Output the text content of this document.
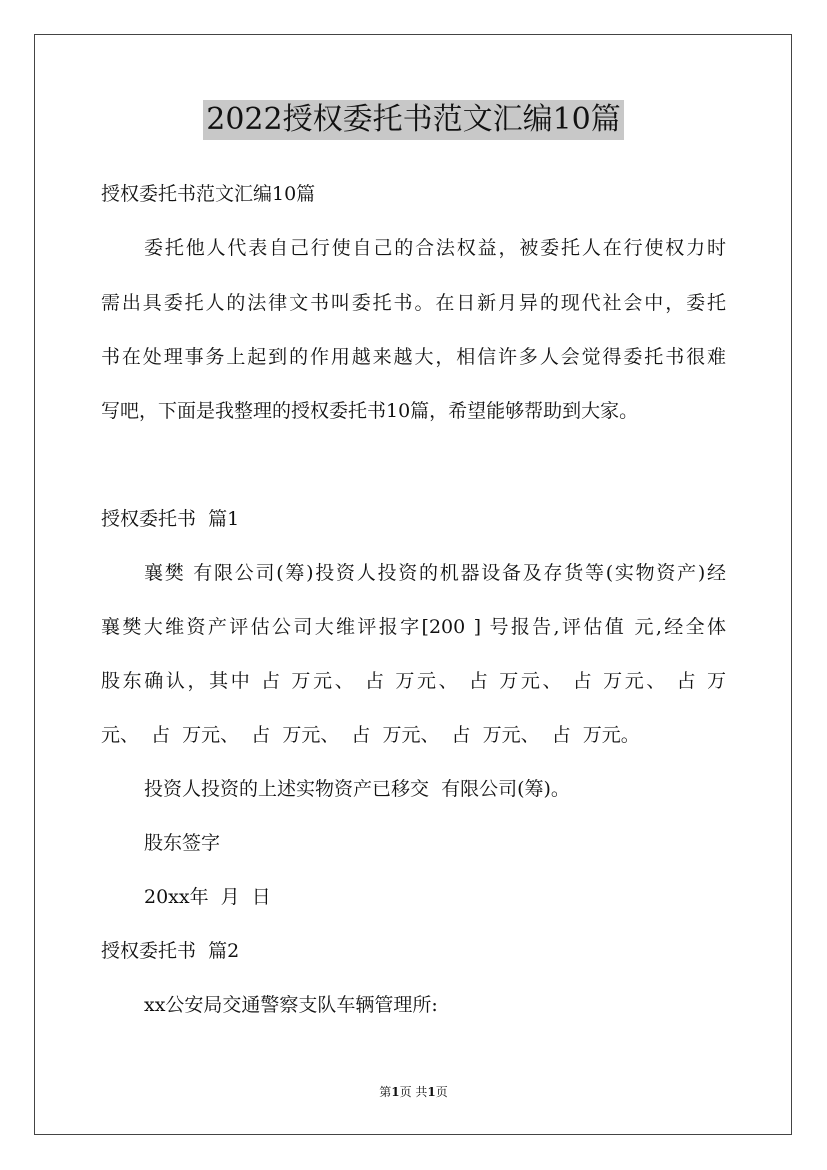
2022授权委托书范文汇编10篇
授权委托书范文汇编10篇
委托他人代表自己行使自己的合法权益，被委托人在行使权力时
需出具委托人的法律文书叫委托书。在日新月异的现代社会中，委托
书在处理事务上起到的作用越来越大，相信许多人会觉得委托书很难
写吧，下面是我整理的授权委托书10篇，希望能够帮助到大家。
授权委托书  篇1
襄樊 有限公司(筹)投资人投资的机器设备及存货等(实物资产)经
襄樊大维资产评估公司大维评报字[200 ] 号报告,评估值 元,经全体
股东确认，其中 占 万元、 占 万元、 占 万元、 占 万元、 占 万
元、  占  万元、  占  万元、  占  万元、  占  万元、  占  万元。
投资人投资的上述实物资产已移交  有限公司(筹)。
股东签字
20xx年  月  日
授权委托书  篇2
xx公安局交通警察支队车辆管理所:
第1页 共1页
